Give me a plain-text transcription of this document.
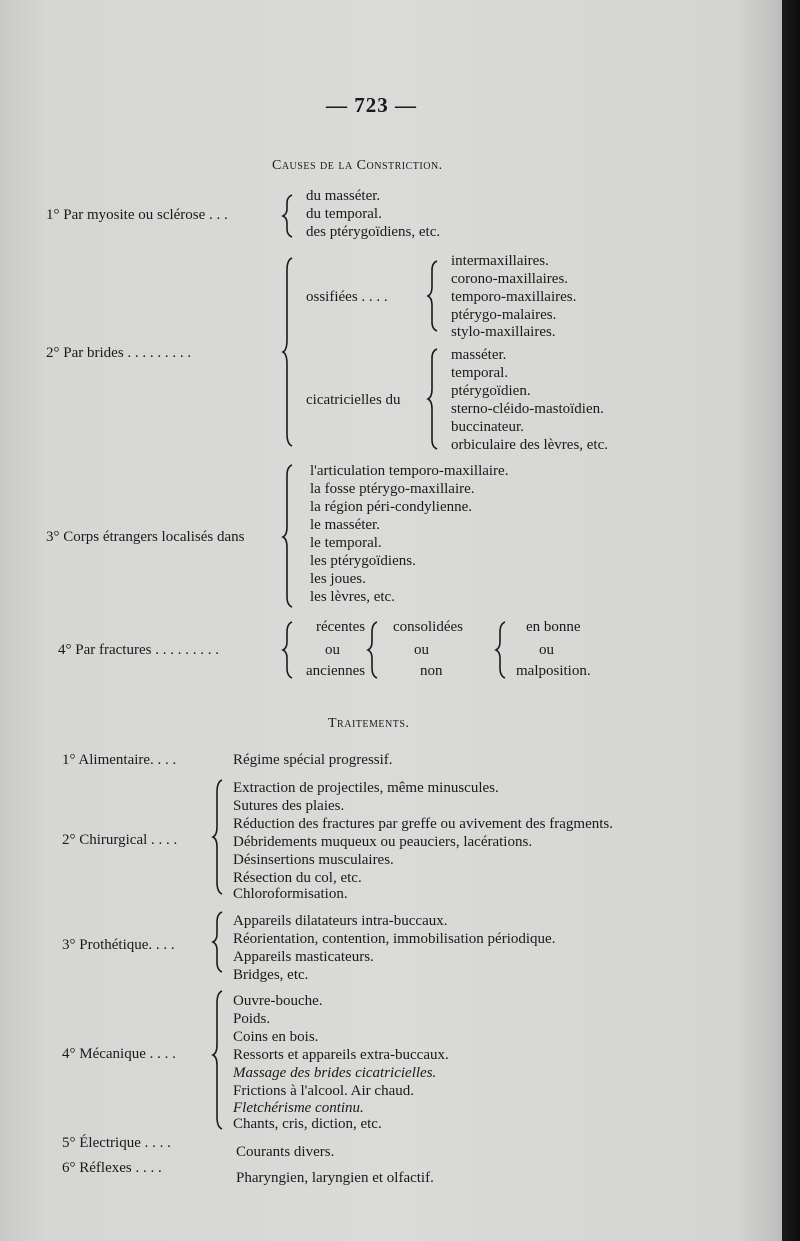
— 723 —
Causes de la Constriction.
1° Par myosite ou sclérose . . .
du masséter.
du temporal.
des ptérygoïdiens, etc.
2° Par brides . . . . . . . . .
ossifiées . . . .
intermaxillaires.
corono-maxillaires.
temporo-maxillaires.
ptérygo-malaires.
stylo-maxillaires.
cicatricielles du
masséter.
temporal.
ptérygoïdien.
sterno-cléido-mastoïdien.
buccinateur.
orbiculaire des lèvres, etc.
3° Corps étrangers localisés dans
l'articulation temporo-maxillaire.
la fosse ptérygo-maxillaire.
la région péri-condylienne.
le masséter.
le temporal.
les ptérygoïdiens.
les joues.
les lèvres, etc.
4° Par fractures . . . . . . . . .
récentes
ou
anciennes
consolidées
ou
non
en bonne
ou
malposition.
Traitements.
1° Alimentaire. . . .	Régime spécial progressif.
2° Chirurgical . . . .
Extraction de projectiles, même minuscules.
Sutures des plaies.
Réduction des fractures par greffe ou avivement des fragments.
Débridements muqueux ou peauciers, lacérations.
Désinsertions musculaires.
Résection du col, etc.
Chloroformisation.
3° Prothétique. . . .
Appareils dilatateurs intra-buccaux.
Réorientation, contention, immobilisation périodique.
Appareils masticateurs.
Bridges, etc.
4° Mécanique . . . .
Ouvre-bouche.
Poids.
Coins en bois.
Ressorts et appareils extra-buccaux.
Massage des brides cicatricielles.
Frictions à l'alcool. Air chaud.
Fletchérisme continu.
Chants, cris, diction, etc.
5° Électrique . . . .
Courants divers.
6° Réflexes . . . .
Pharyngien, laryngien et olfactif.
